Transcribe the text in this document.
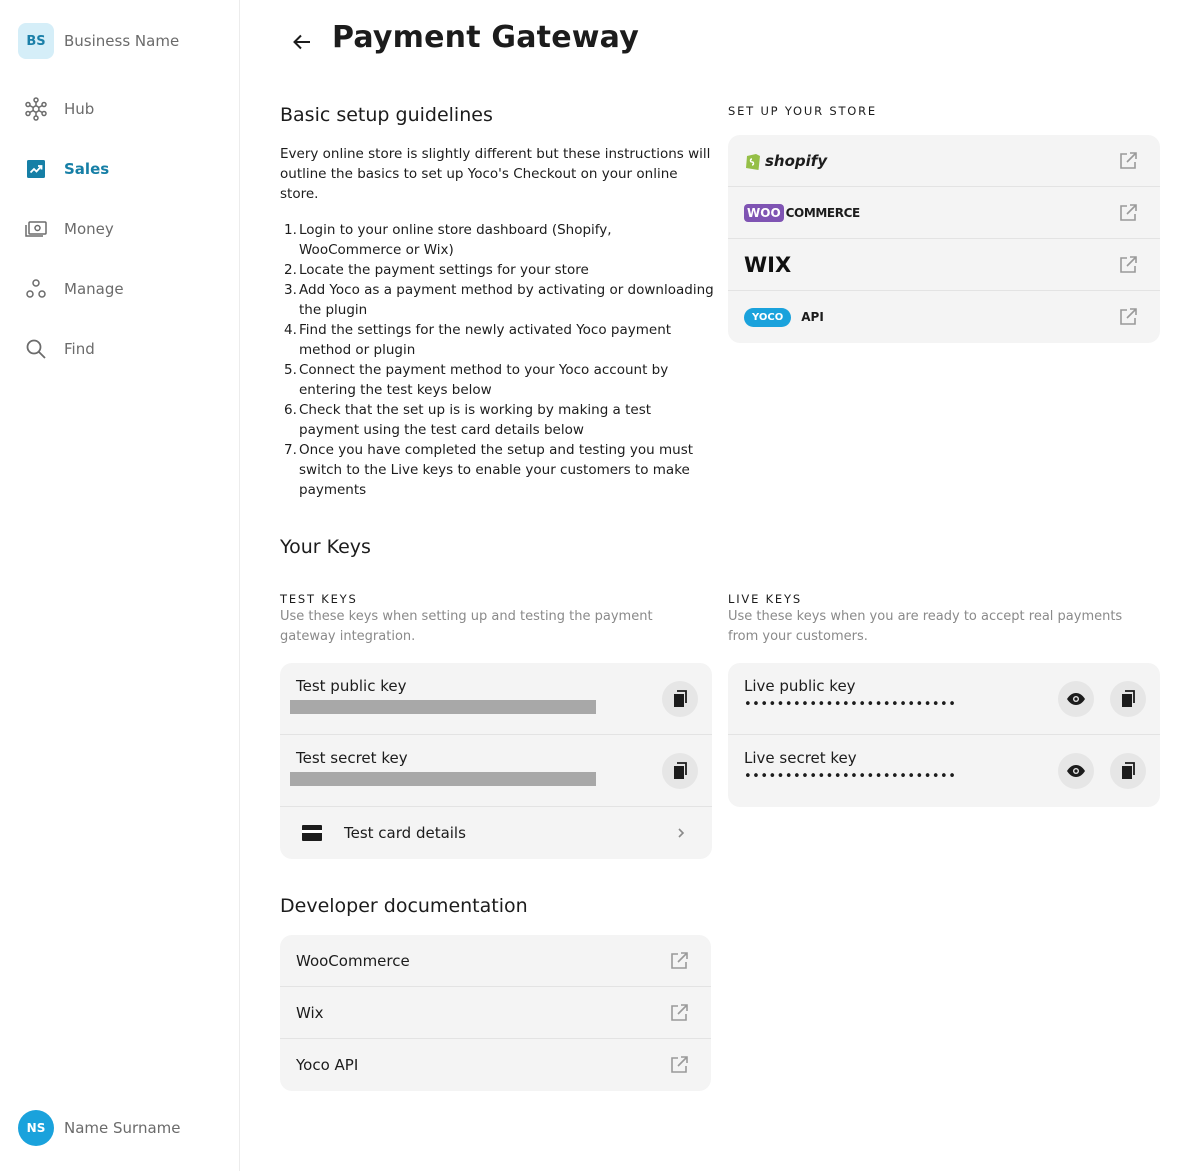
BS	Business Name
Hub
Sales
Money
Manage
Find
NS	Name Surname
Payment Gateway
Basic setup guidelines

Every online store is slightly different but these instructions will outline the basics to set up Yoco's Checkout on your online store.

1. Login to your online store dashboard (Shopify, WooCommerce or Wix)
2. Locate the payment settings for your store
3. Add Yoco as a payment method by activating or downloading the plugin
4. Find the settings for the newly activated Yoco payment method or plugin
5. Connect the payment method to your Yoco account by entering the test keys below
6. Check that the set up is is working by making a test payment using the test card details below
7. Once you have completed the setup and testing you must switch to the Live keys to enable your customers to make payments
SET UP YOUR STORE
shopify
WOO COMMERCE
WIX
YOCO	API
Your Keys
TEST KEYS
Use these keys when setting up and testing the payment gateway integration.
LIVE KEYS
Use these keys when you are ready to accept real payments from your customers.
Test public key
Test secret key
Test card details
Live public key
••••••••••••••••••••••••••
Live secret key
••••••••••••••••••••••••••
Developer documentation
WooCommerce
Wix
Yoco API
